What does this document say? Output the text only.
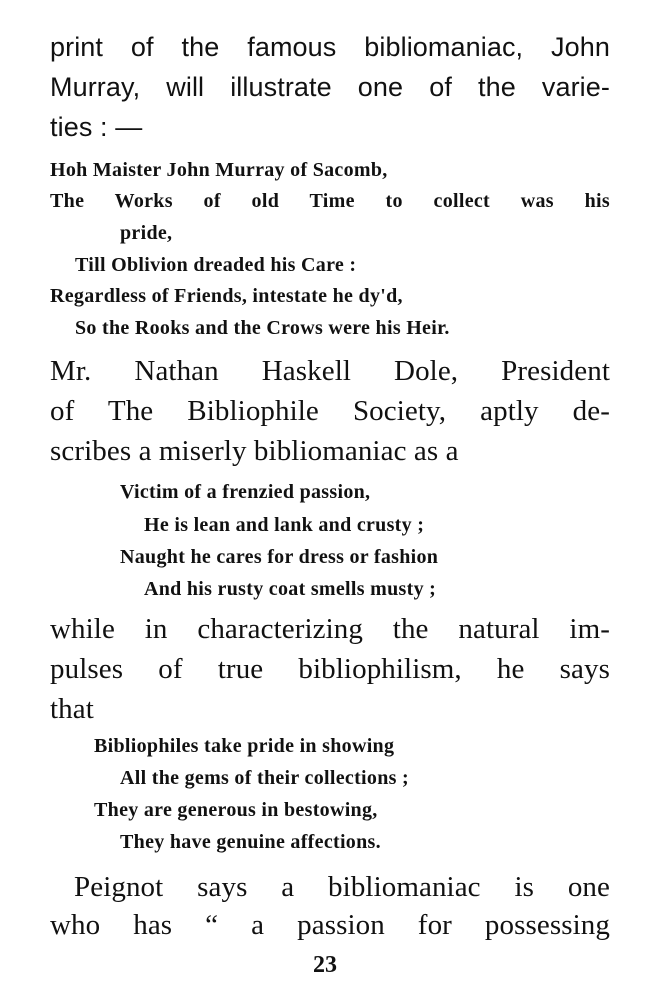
print of the famous bibliomaniac, John
Murray, will illustrate one of the varie-
ties : —
Hoh Maister John Murray of Sacomb,
The Works of old Time to collect was his
pride,
Till Oblivion dreaded his Care :
Regardless of Friends, intestate he dy'd,
So the Rooks and the Crows were his Heir.
Mr. Nathan Haskell Dole, President
of The Bibliophile Society, aptly de-
scribes a miserly bibliomaniac as a
Victim of a frenzied passion,
He is lean and lank and crusty ;
Naught he cares for dress or fashion
And his rusty coat smells musty ;
while in characterizing the natural im-
pulses of true bibliophilism, he says
that
Bibliophiles take pride in showing
All the gems of their collections ;
They are generous in bestowing,
They have genuine affections.
Peignot says a bibliomaniac is one
who has “ a passion for possessing
23
